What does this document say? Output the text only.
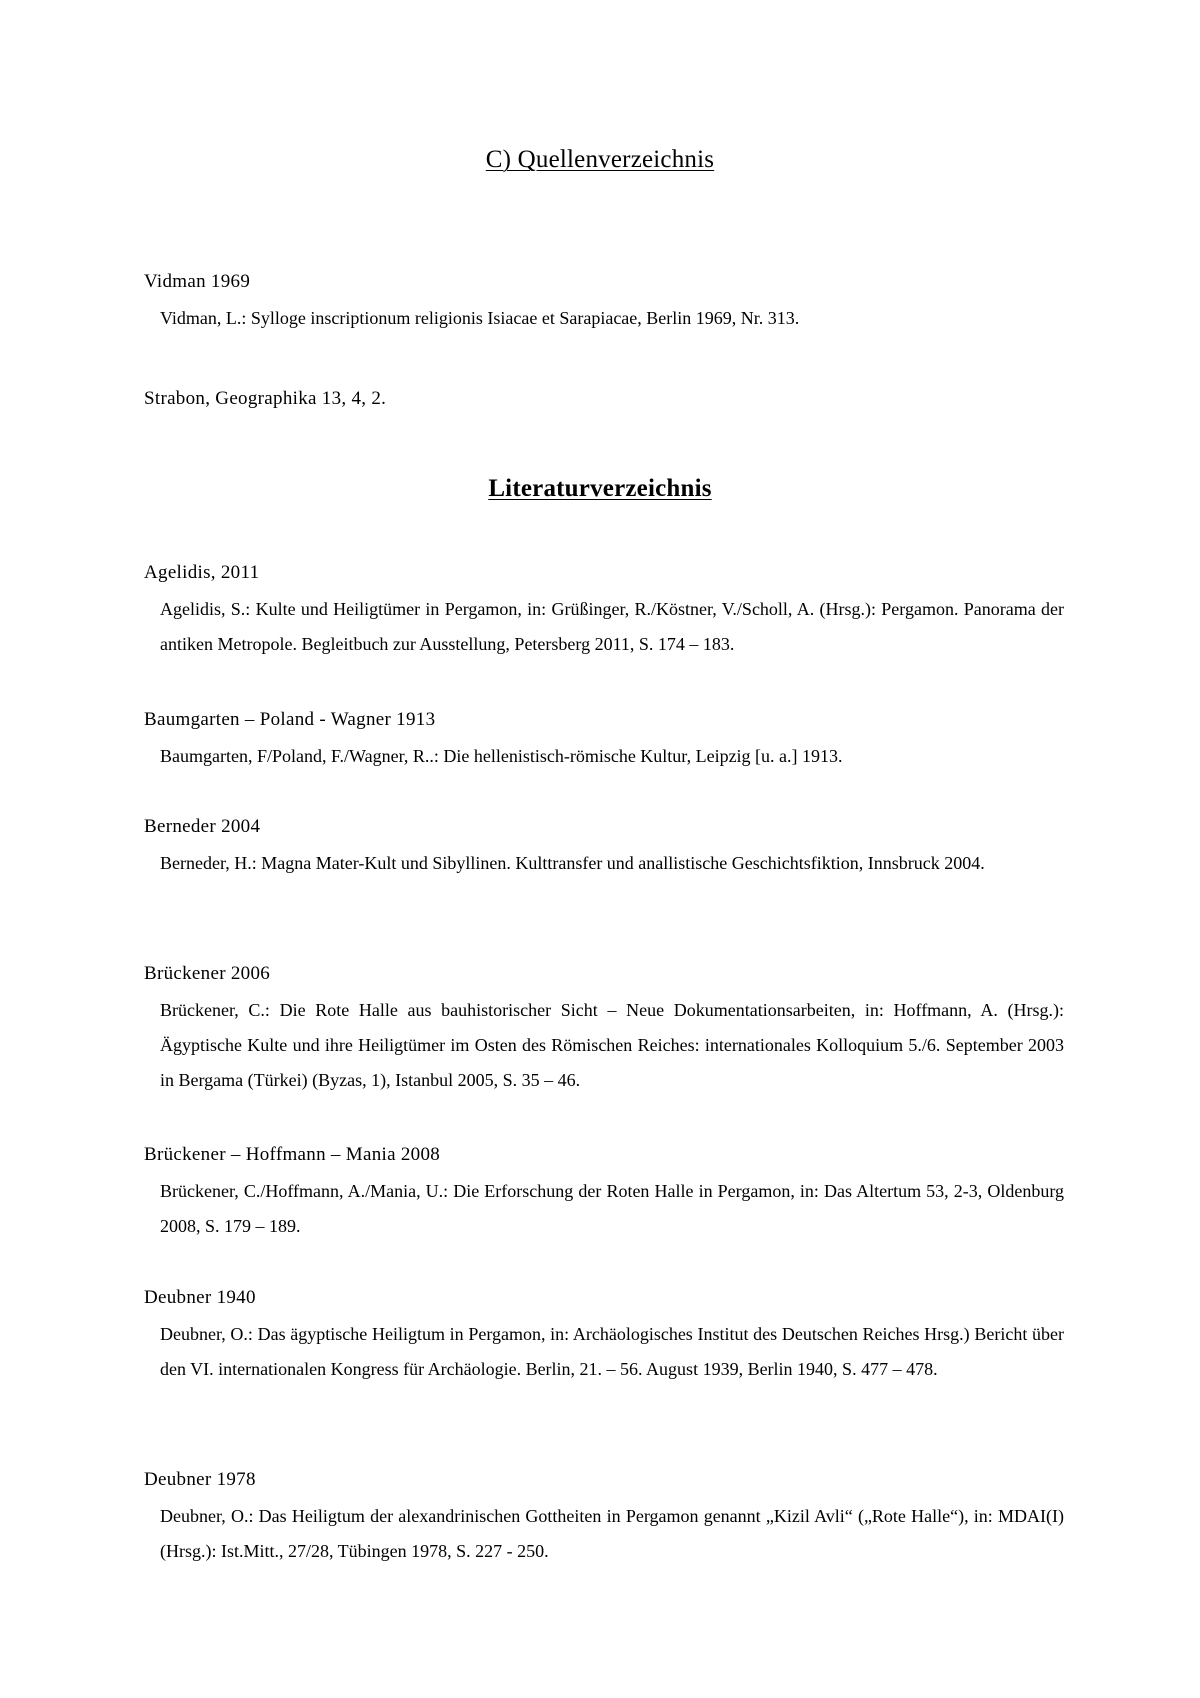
C) Quellenverzeichnis
Vidman 1969
Vidman, L.: Sylloge inscriptionum religionis Isiacae et Sarapiacae, Berlin 1969, Nr. 313.
Strabon, Geographika 13, 4, 2.
Literaturverzeichnis
Agelidis, 2011
Agelidis, S.: Kulte und Heiligtümer in Pergamon, in: Grüßinger, R./Köstner, V./Scholl, A. (Hrsg.): Pergamon. Panorama der antiken Metropole. Begleitbuch zur Ausstellung, Petersberg 2011, S. 174 – 183.
Baumgarten – Poland - Wagner 1913
Baumgarten, F/Poland, F./Wagner, R..: Die hellenistisch-römische Kultur, Leipzig [u. a.] 1913.
Berneder 2004
Berneder, H.: Magna Mater-Kult und Sibyllinen. Kulttransfer und anallistische Geschichtsfiktion, Innsbruck 2004.
Brückener 2006
Brückener, C.: Die Rote Halle aus bauhistorischer Sicht – Neue Dokumentationsarbeiten, in: Hoffmann, A. (Hrsg.): Ägyptische Kulte und ihre Heiligtümer im Osten des Römischen Reiches: internationales Kolloquium 5./6. September 2003 in Bergama (Türkei) (Byzas, 1), Istanbul 2005, S. 35 – 46.
Brückener – Hoffmann – Mania 2008
Brückener, C./Hoffmann, A./Mania, U.: Die Erforschung der Roten Halle in Pergamon, in: Das Altertum 53, 2-3, Oldenburg 2008, S. 179 – 189.
Deubner 1940
Deubner, O.: Das ägyptische Heiligtum in Pergamon, in: Archäologisches Institut des Deutschen Reiches Hrsg.) Bericht über den VI. internationalen Kongress für Archäologie. Berlin, 21. – 56. August 1939, Berlin 1940, S. 477 – 478.
Deubner 1978
Deubner, O.: Das Heiligtum der alexandrinischen Gottheiten in Pergamon genannt „Kizil Avli“ („Rote Halle“), in: MDAI(I) (Hrsg.): Ist.Mitt., 27/28, Tübingen 1978, S. 227 - 250.
